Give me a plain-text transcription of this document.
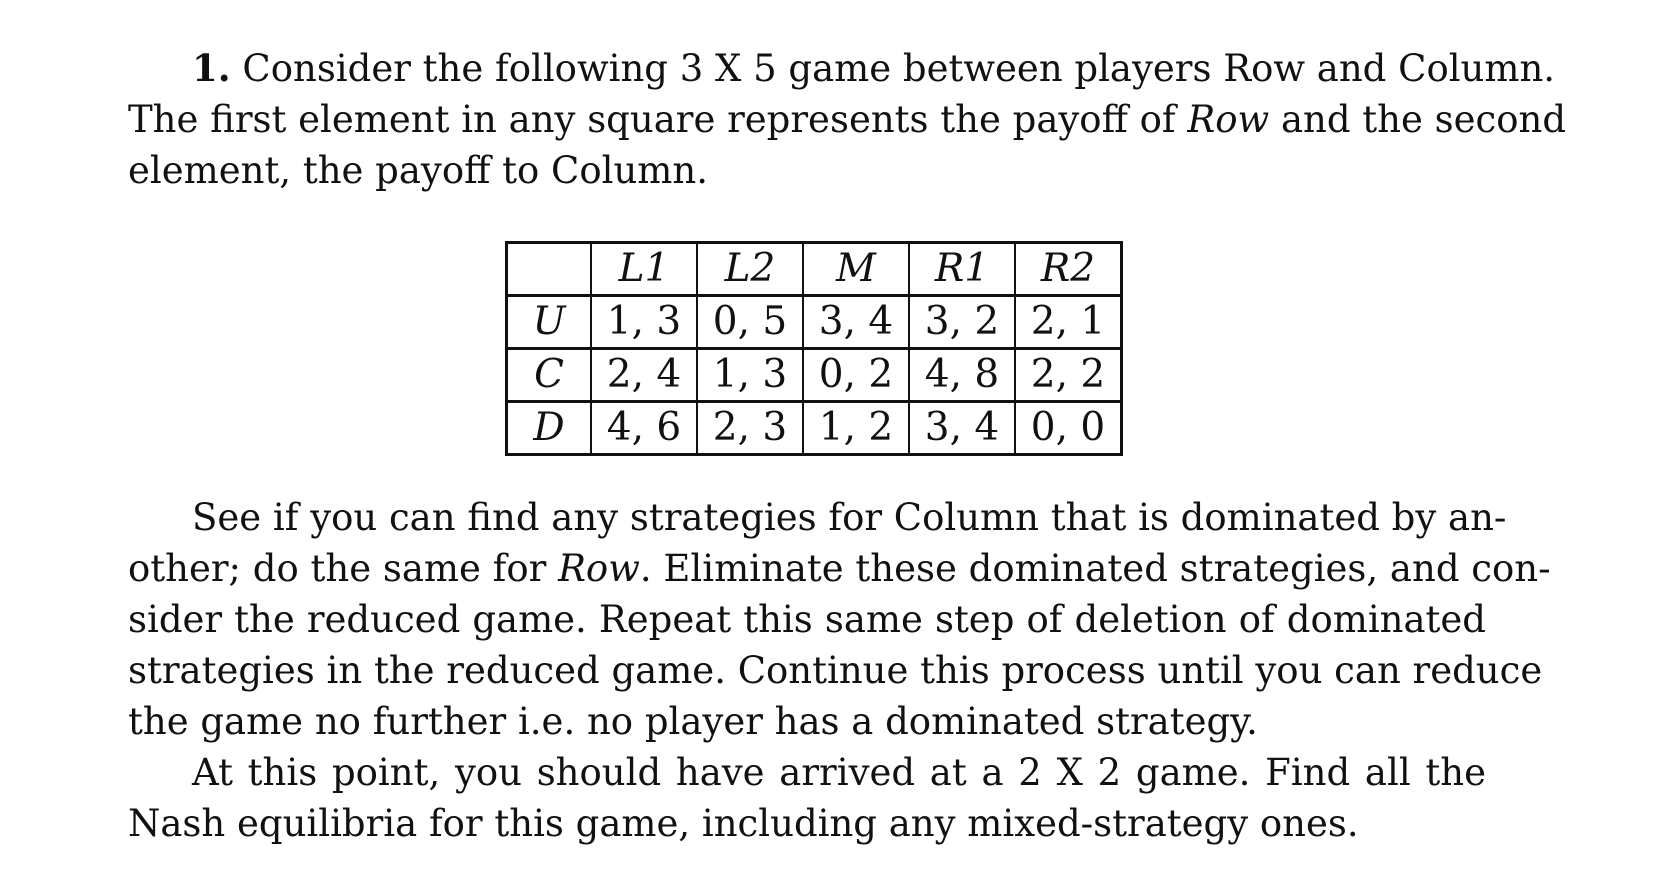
1. Consider the following 3 X 5 game between players Row and Column.
The first element in any square represents the payoff of Row and the second
element, the payoff to Column.
	L1	L2	M	R1	R2
U	1, 3	0, 5	3, 4	3, 2	2, 1
C	2, 4	1, 3	0, 2	4, 8	2, 2
D	4, 6	2, 3	1, 2	3, 4	0, 0
See if you can find any strategies for Column that is dominated by an-
other; do the same for Row. Eliminate these dominated strategies, and con-
sider the reduced game. Repeat this same step of deletion of dominated
strategies in the reduced game. Continue this process until you can reduce
the game no further i.e. no player has a dominated strategy.
At this point, you should have arrived at a 2 X 2 game. Find all the
Nash equilibria for this game, including any mixed-strategy ones.
